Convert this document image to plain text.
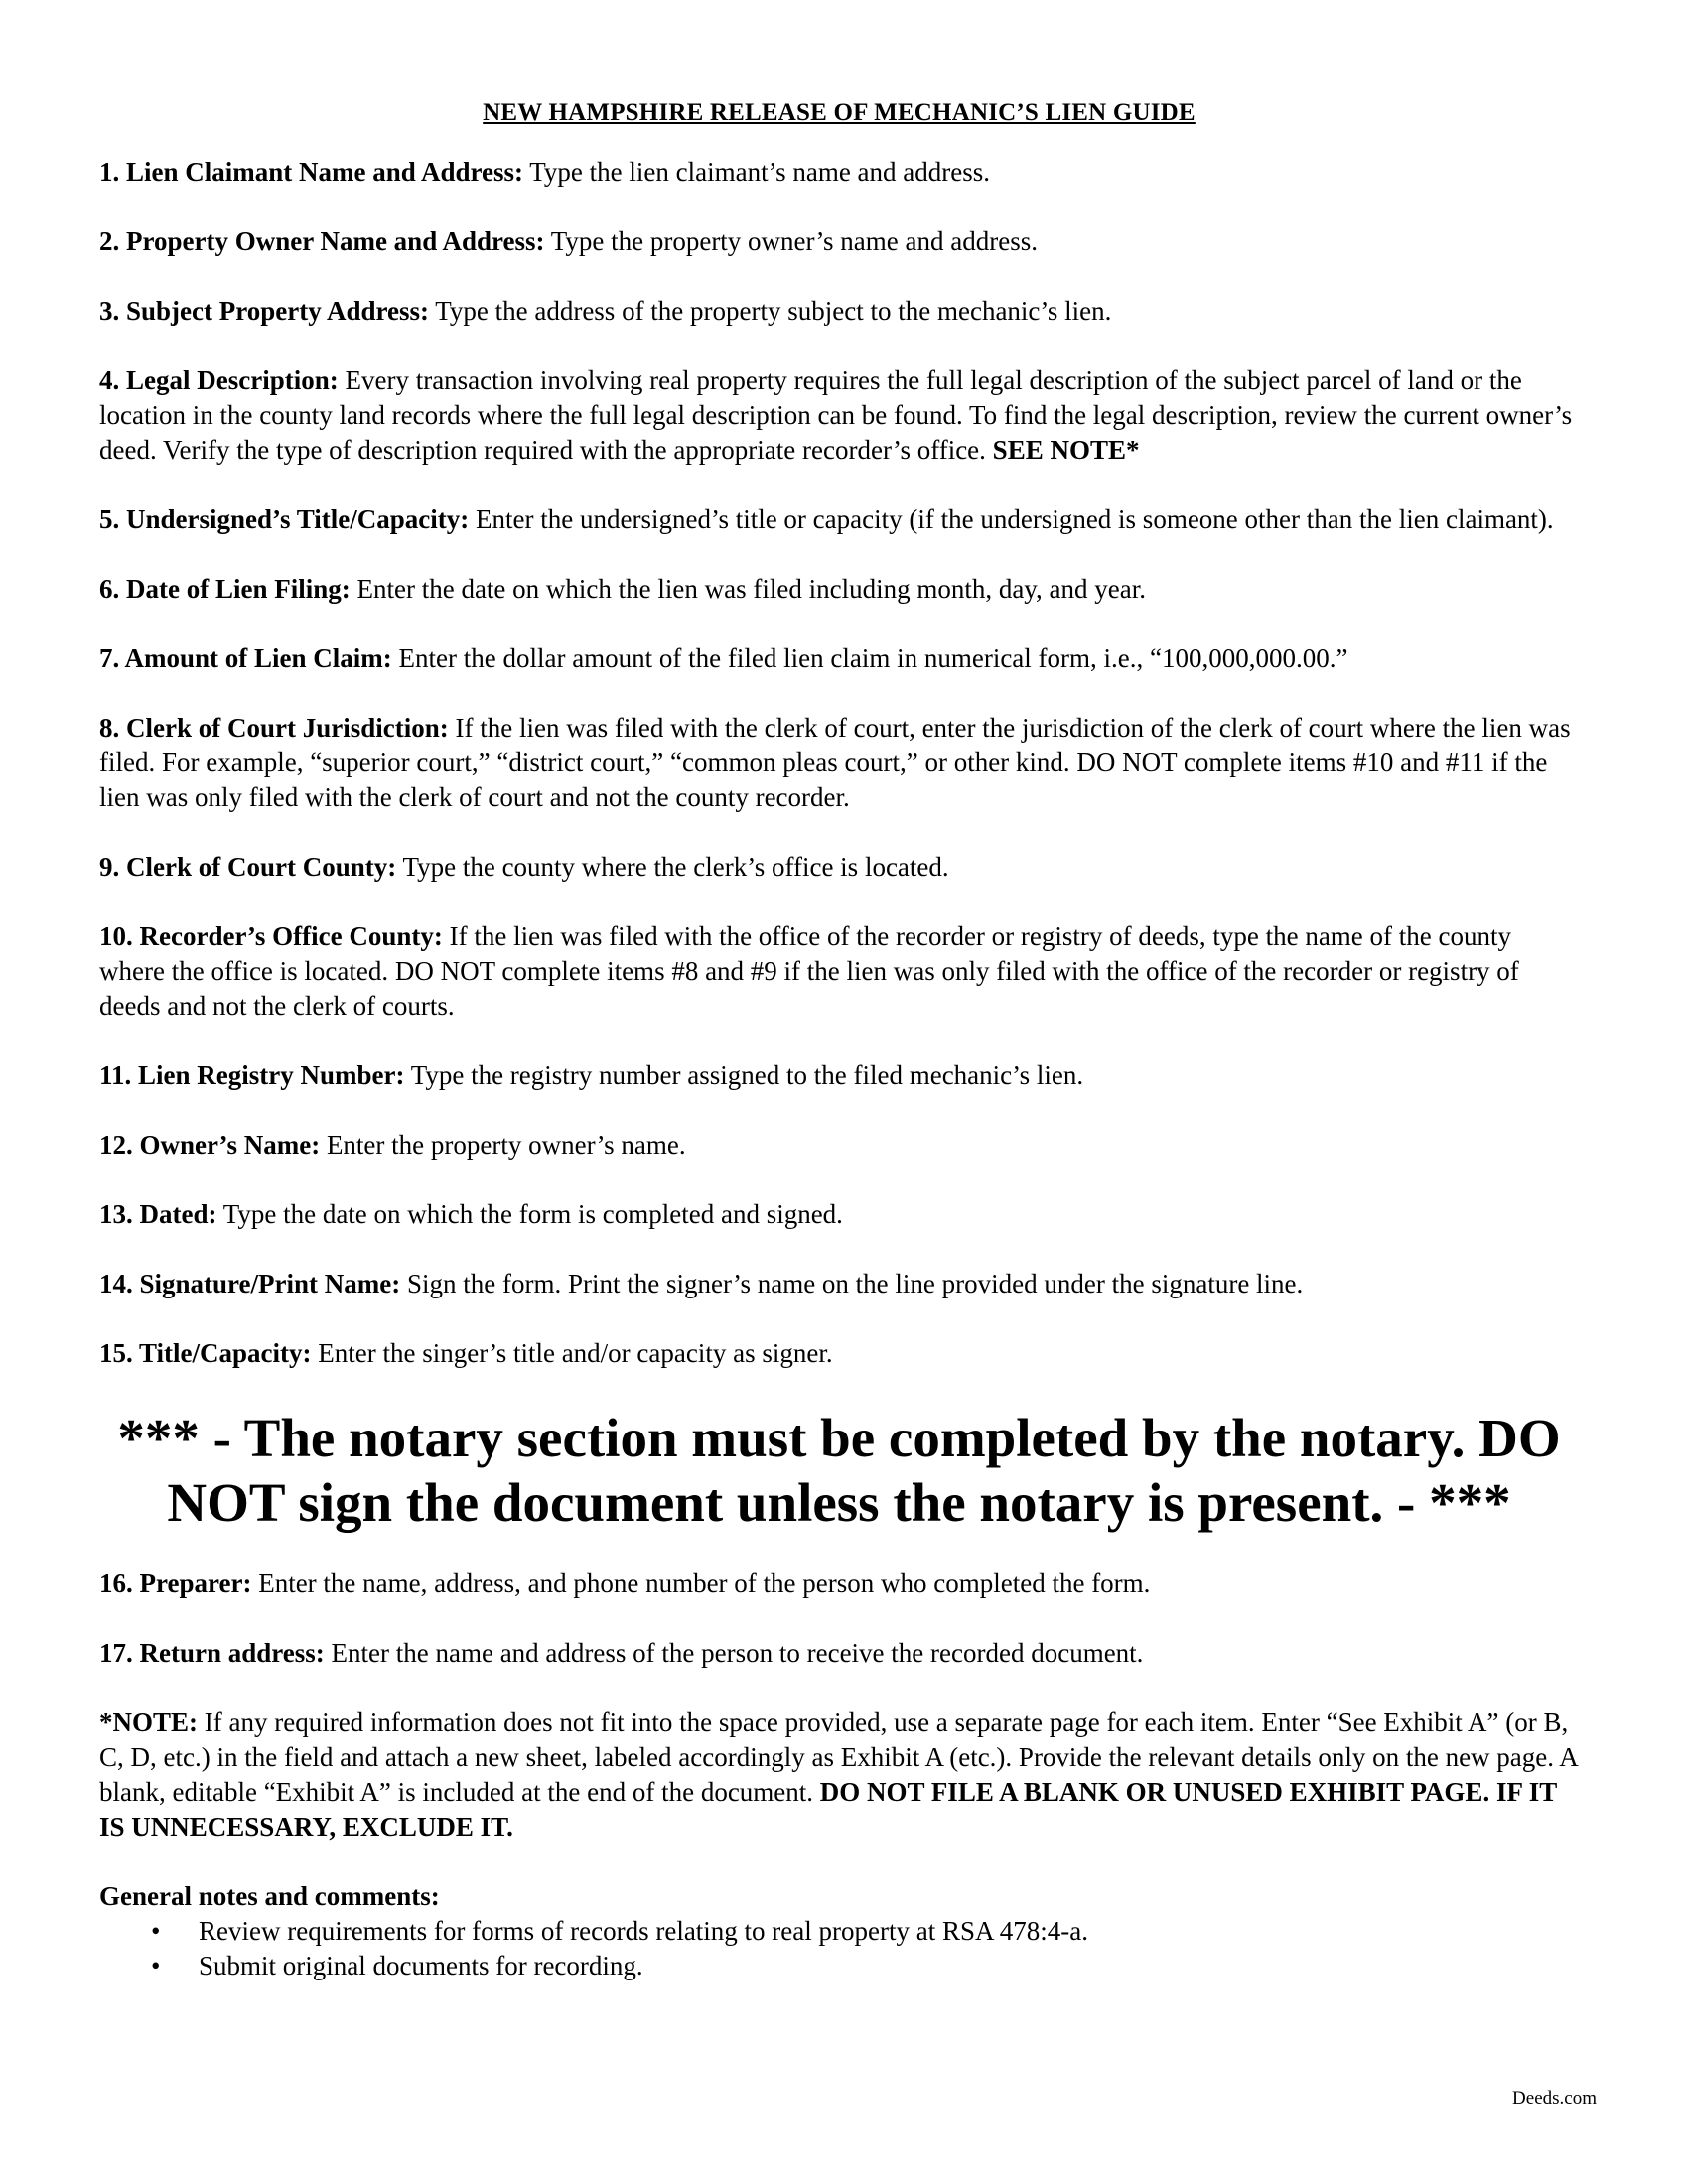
NEW HAMPSHIRE RELEASE OF MECHANIC’S LIEN GUIDE

1. Lien Claimant Name and Address: Type the lien claimant’s name and address.

2. Property Owner Name and Address: Type the property owner’s name and address.

3. Subject Property Address: Type the address of the property subject to the mechanic’s lien.

4. Legal Description: Every transaction involving real property requires the full legal description of the subject parcel of land or the location in the county land records where the full legal description can be found. To find the legal description, review the current owner’s deed. Verify the type of description required with the appropriate recorder’s office. SEE NOTE*

5. Undersigned’s Title/Capacity: Enter the undersigned’s title or capacity (if the undersigned is someone other than the lien claimant).

6. Date of Lien Filing: Enter the date on which the lien was filed including month, day, and year.

7. Amount of Lien Claim: Enter the dollar amount of the filed lien claim in numerical form, i.e., “100,000,000.00.”

8. Clerk of Court Jurisdiction: If the lien was filed with the clerk of court, enter the jurisdiction of the clerk of court where the lien was filed. For example, “superior court,” “district court,” “common pleas court,” or other kind. DO NOT complete items #10 and #11 if the lien was only filed with the clerk of court and not the county recorder.

9. Clerk of Court County: Type the county where the clerk’s office is located.

10. Recorder’s Office County: If the lien was filed with the office of the recorder or registry of deeds, type the name of the county where the office is located. DO NOT complete items #8 and #9 if the lien was only filed with the office of the recorder or registry of deeds and not the clerk of courts.

11. Lien Registry Number: Type the registry number assigned to the filed mechanic’s lien.

12. Owner’s Name: Enter the property owner’s name.

13. Dated: Type the date on which the form is completed and signed.

14. Signature/Print Name: Sign the form. Print the signer’s name on the line provided under the signature line.

15. Title/Capacity: Enter the singer’s title and/or capacity as signer.

*** - The notary section must be completed by the notary. DO
NOT sign the document unless the notary is present. - ***

16. Preparer: Enter the name, address, and phone number of the person who completed the form.

17. Return address: Enter the name and address of the person to receive the recorded document.

*NOTE: If any required information does not fit into the space provided, use a separate page for each item. Enter “See Exhibit A” (or B, C, D, etc.) in the field and attach a new sheet, labeled accordingly as Exhibit A (etc.). Provide the relevant details only on the new page. A blank, editable “Exhibit A” is included at the end of the document. DO NOT FILE A BLANK OR UNUSED EXHIBIT PAGE. IF IT IS UNNECESSARY, EXCLUDE IT.

General notes and comments:

• Review requirements for forms of records relating to real property at RSA 478:4-a.
• Submit original documents for recording.
Deeds.com
